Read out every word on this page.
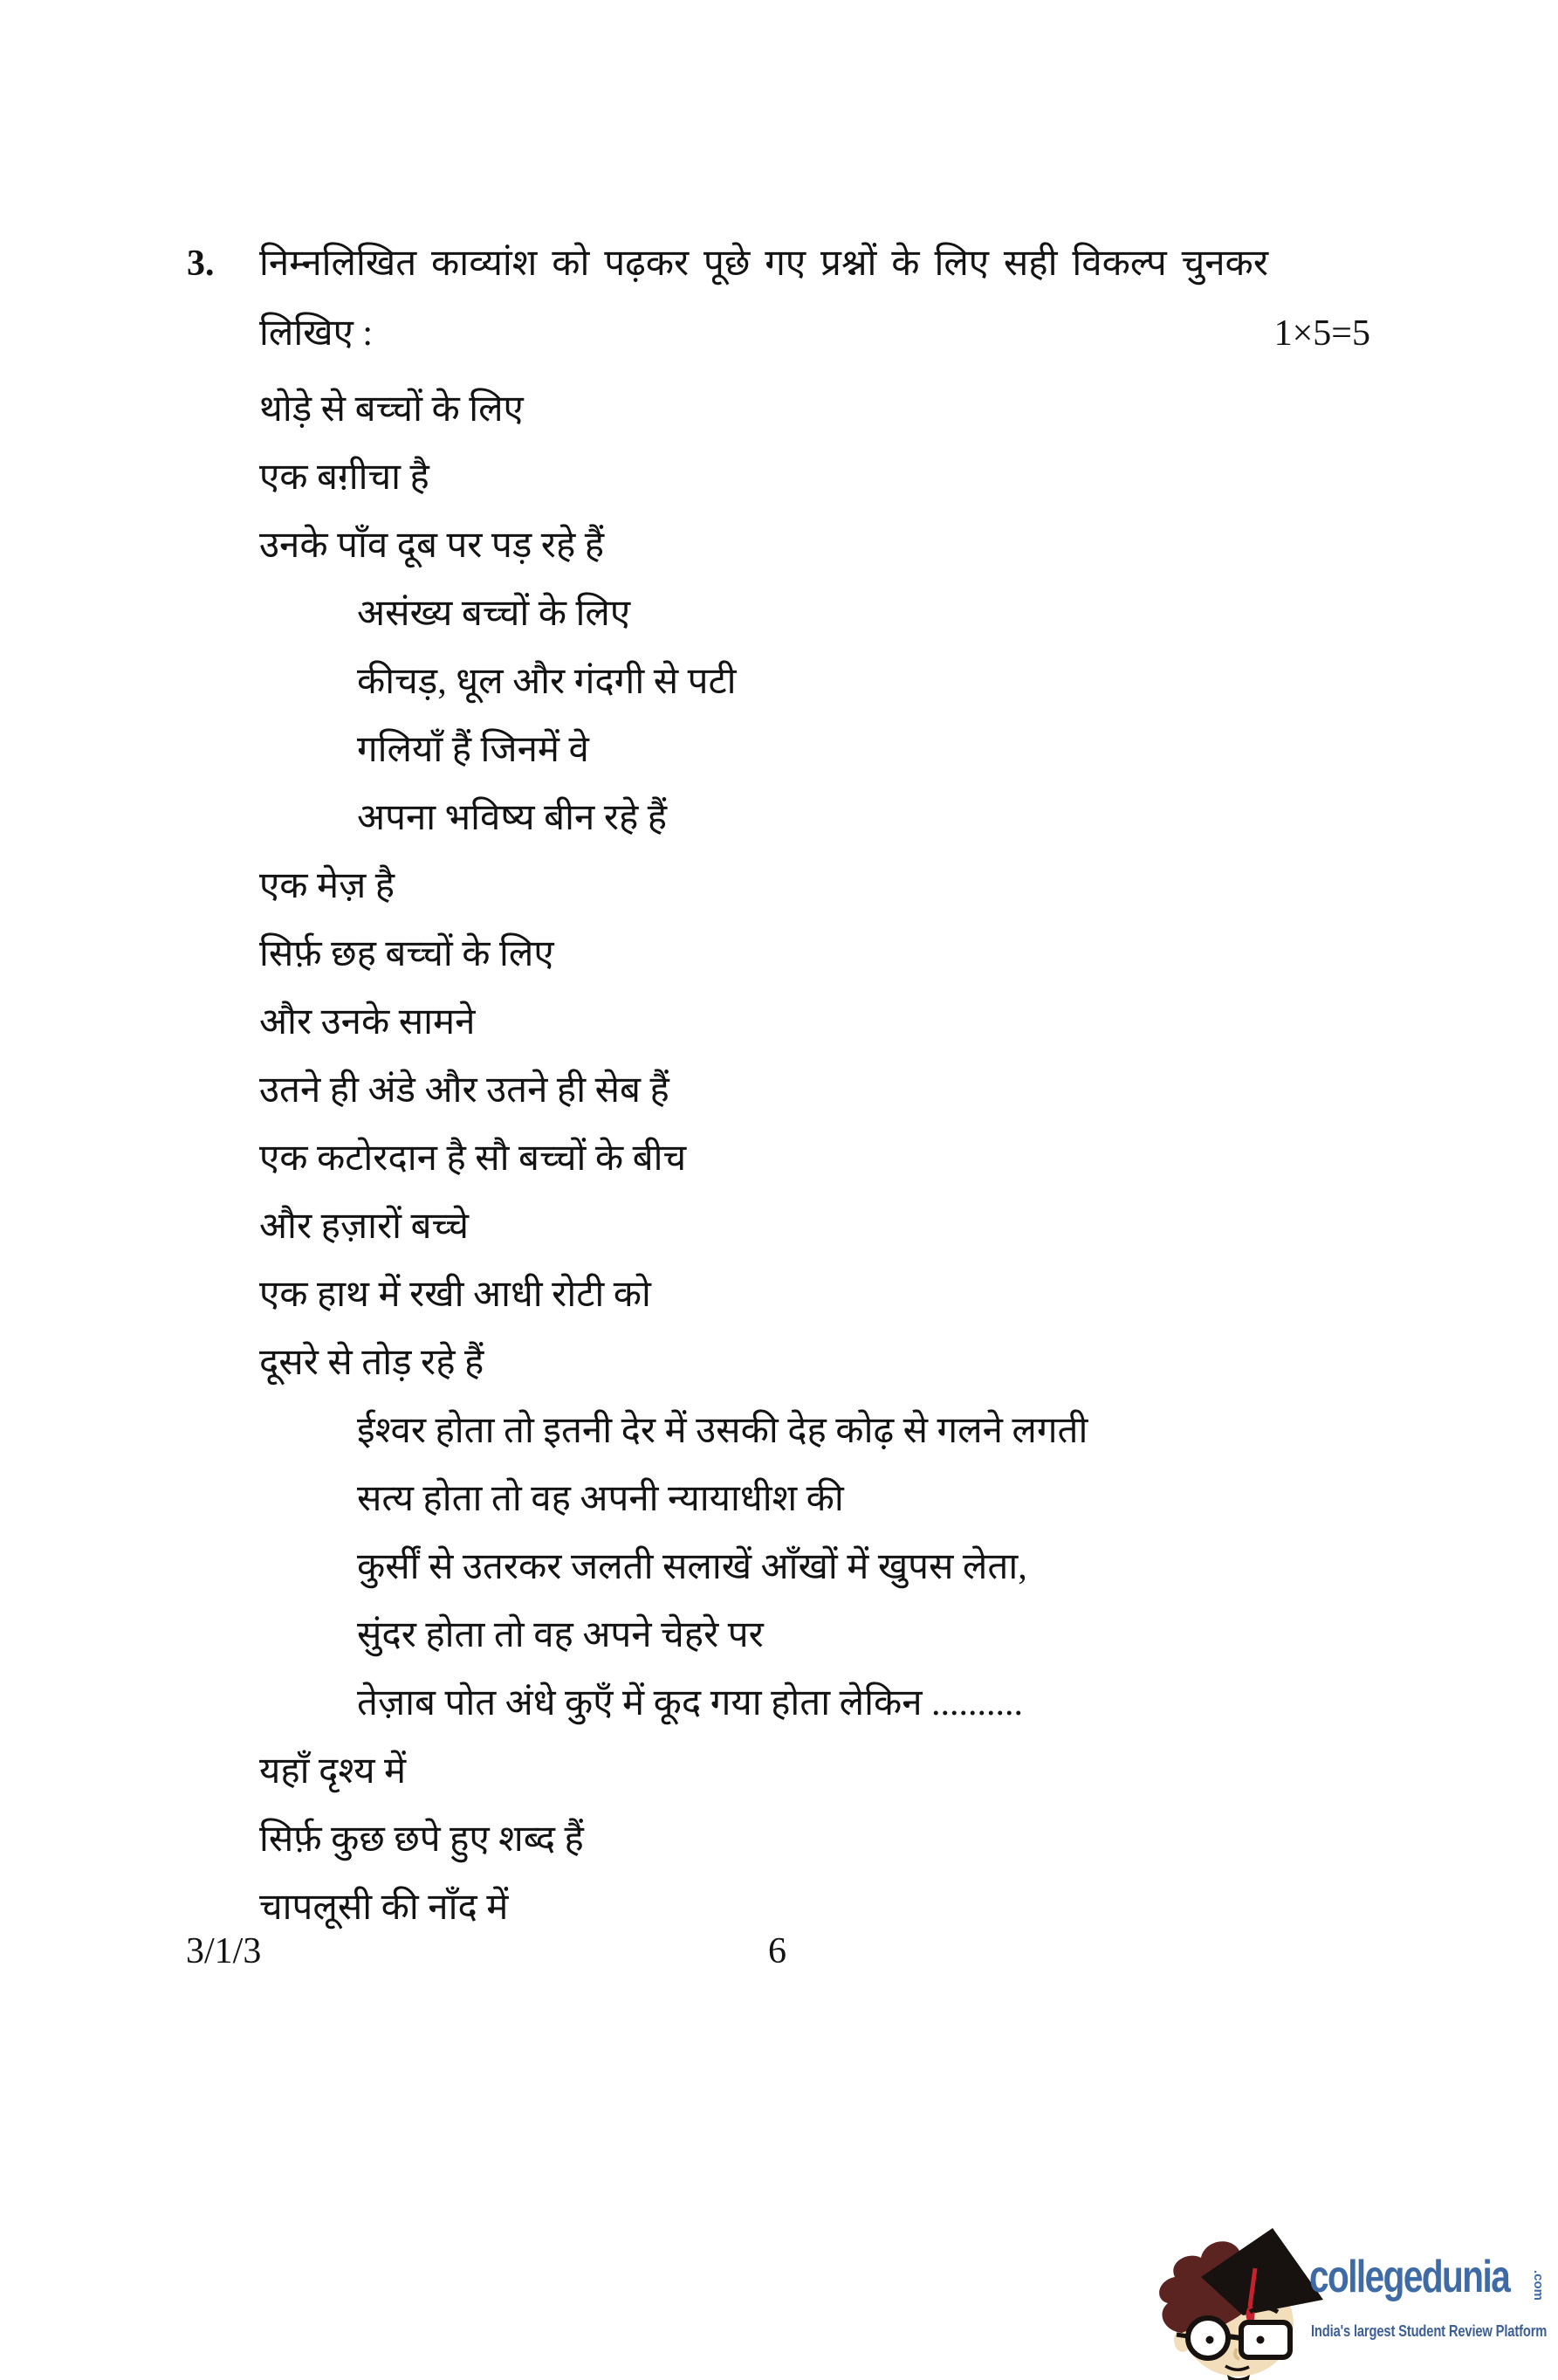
3. निम्नलिखित काव्यांश को पढ़कर पूछे गए प्रश्नों के लिए सही विकल्प चुनकर
लिखिए :	1×5=5
थोड़े से बच्चों के लिए
एक बग़ीचा है
उनके पाँव दूब पर पड़ रहे हैं
असंख्य बच्चों के लिए
कीचड़, धूल और गंदगी से पटी
गलियाँ हैं जिनमें वे
अपना भविष्य बीन रहे हैं
एक मेज़ है
सिर्फ़ छह बच्चों के लिए
और उनके सामने
उतने ही अंडे और उतने ही सेब हैं
एक कटोरदान है सौ बच्चों के बीच
और हज़ारों बच्चे
एक हाथ में रखी आधी रोटी को
दूसरे से तोड़ रहे हैं
ईश्वर होता तो इतनी देर में उसकी देह कोढ़ से गलने लगती
सत्य होता तो वह अपनी न्यायाधीश की
कुर्सीं से उतरकर जलती सलाखें आँखों में खुपस लेता,
सुंदर होता तो वह अपने चेहरे पर
तेज़ाब पोत अंधे कुएँ में कूद गया होता लेकिन ..........
यहाँ दृश्य में
सिर्फ़ कुछ छपे हुए शब्द हैं
चापलूसी की नाँद में
3/1/3	6
collegedunia .com
India's largest Student Review Platform
